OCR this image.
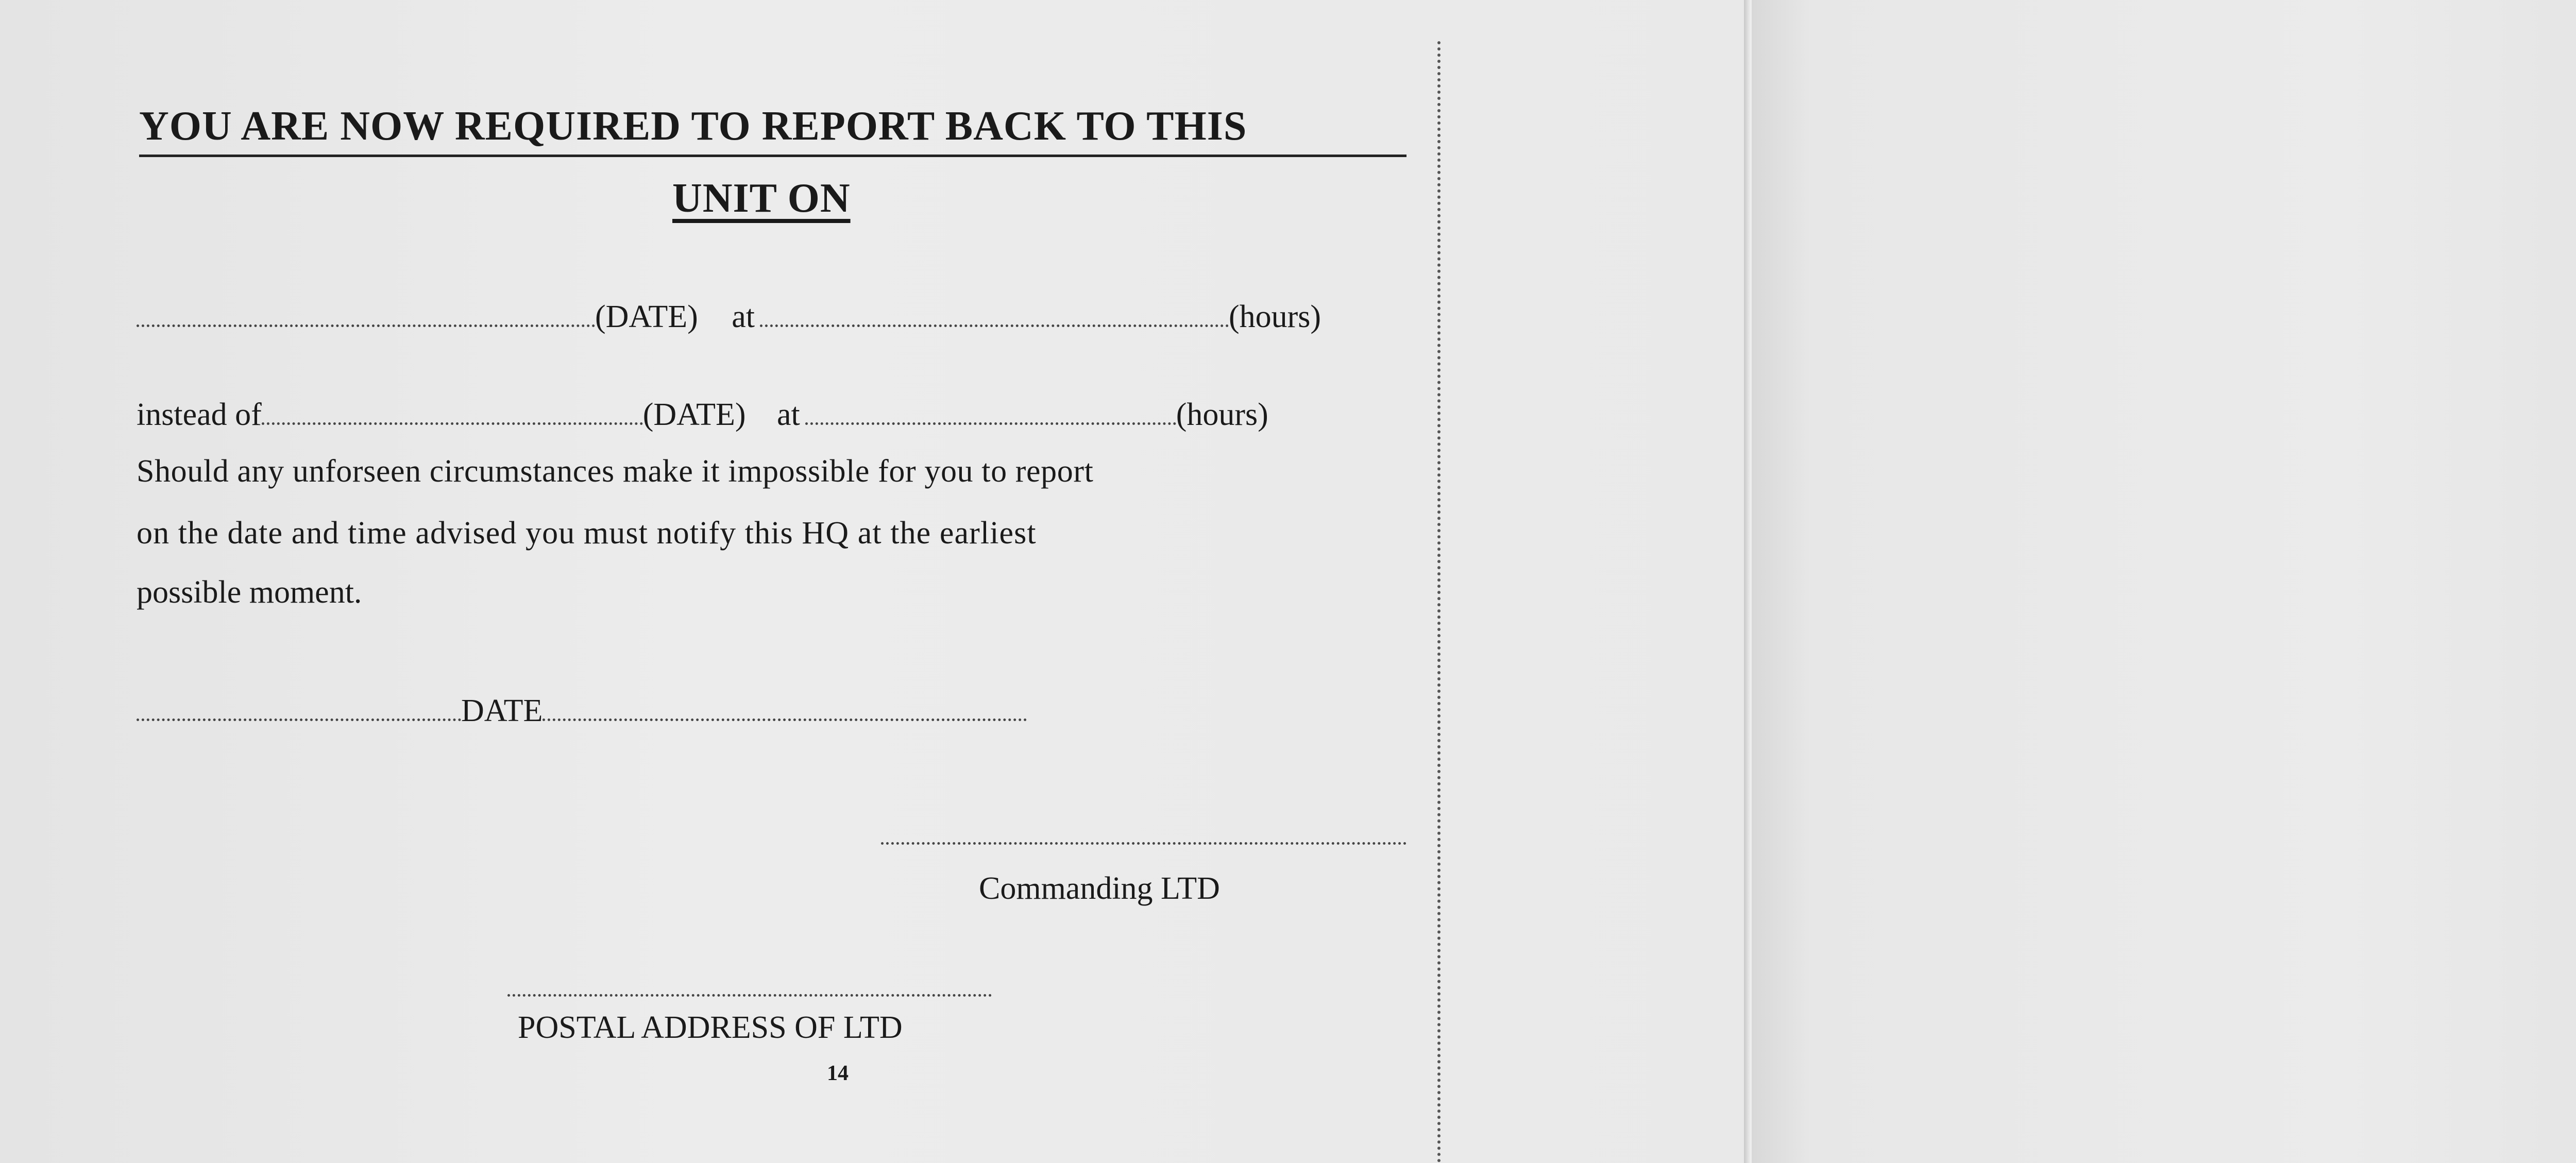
YOU ARE NOW REQUIRED TO REPORT BACK TO THIS
UNIT ON
(DATE) at	(hours)
instead of	(DATE) at	(hours)
Should any unforseen circumstances make it impossible for you to report
on the date and time advised you must notify this HQ at the earliest
possible moment.
DATE
Commanding LTD
POSTAL ADDRESS OF LTD
14
